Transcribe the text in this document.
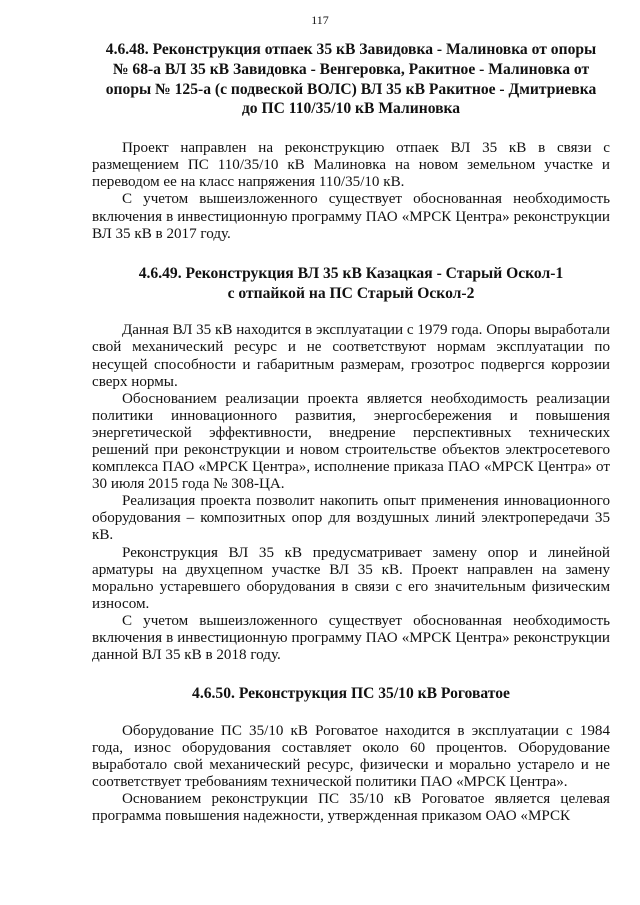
117
4.6.48. Реконструкция отпаек 35 кВ Завидовка - Малиновка от опоры
№ 68-а ВЛ 35 кВ Завидовка - Венгеровка, Ракитное - Малиновка от
опоры № 125-а (с подвеской ВОЛС) ВЛ 35 кВ Ракитное - Дмитриевка
до ПС 110/35/10 кВ Малиновка

Проект направлен на реконструкцию отпаек ВЛ 35 кВ в связи с размещением ПС 110/35/10 кВ Малиновка на новом земельном участке и переводом ее на класс напряжения 110/35/10 кВ.

С учетом вышеизложенного существует обоснованная необходимость включения в инвестиционную программу ПАО «МРСК Центра» реконструкции ВЛ 35 кВ в 2017 году.

4.6.49. Реконструкция ВЛ 35 кВ Казацкая - Старый Оскол-1
с отпайкой на ПС Старый Оскол-2

Данная ВЛ 35 кВ находится в эксплуатации с 1979 года. Опоры выработали свой механический ресурс и не соответствуют нормам эксплуатации по несущей способности и габаритным размерам, грозотрос подвергся коррозии сверх нормы.

Обоснованием реализации проекта является необходимость реализации политики инновационного развития, энергосбережения и повышения энергетической эффективности, внедрение перспективных технических решений при реконструкции и новом строительстве объектов электросетевого комплекса ПАО «МРСК Центра», исполнение приказа ПАО «МРСК Центра» от 30 июля 2015 года № 308-ЦА.

Реализация проекта позволит накопить опыт применения инновационного оборудования – композитных опор для воздушных линий электропередачи 35 кВ.

Реконструкция ВЛ 35 кВ предусматривает замену опор и линейной арматуры на двухцепном участке ВЛ 35 кВ. Проект направлен на замену морально устаревшего оборудования в связи с его значительным физическим износом.

С учетом вышеизложенного существует обоснованная необходимость включения в инвестиционную программу ПАО «МРСК Центра» реконструкции данной ВЛ 35 кВ в 2018 году.

4.6.50. Реконструкция ПС 35/10 кВ Роговатое

Оборудование ПС 35/10 кВ Роговатое находится в эксплуатации с 1984 года, износ оборудования составляет около 60 процентов. Оборудование выработало свой механический ресурс, физически и морально устарело и не соответствует требованиям технической политики ПАО «МРСК Центра».

Основанием реконструкции ПС 35/10 кВ Роговатое является целевая программа повышения надежности, утвержденная приказом ОАО «МРСК
